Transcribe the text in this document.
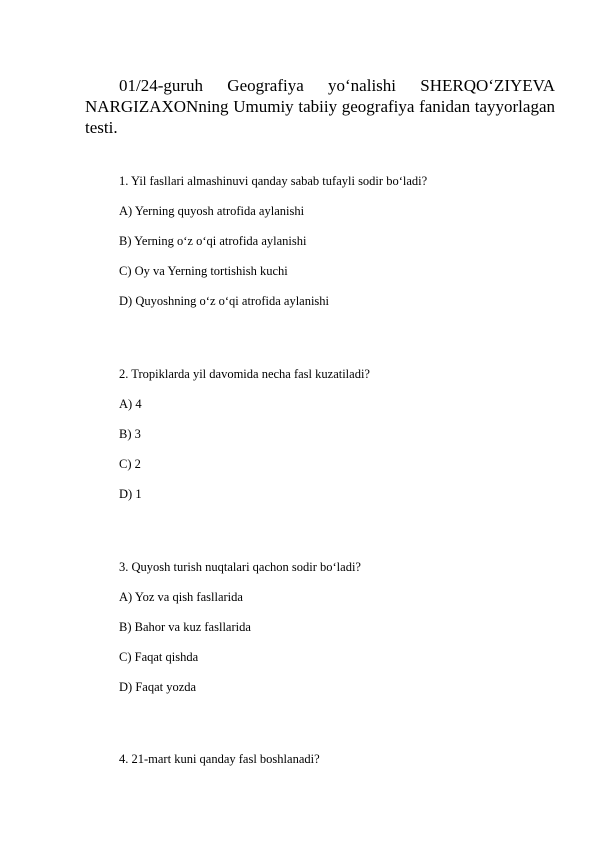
01/24-guruh Geografiya yo‘nalishi SHERQO‘ZIYEVA NARGIZAXONning Umumiy tabiiy geografiya fanidan tayyorlagan testi.

1. Yil fasllari almashinuvi qanday sabab tufayli sodir bo‘ladi?
A) Yerning quyosh atrofida aylanishi
B) Yerning o‘z o‘qi atrofida aylanishi
C) Oy va Yerning tortishish kuchi
D) Quyoshning o‘z o‘qi atrofida aylanishi
2. Tropiklarda yil davomida necha fasl kuzatiladi?
A) 4
B) 3
C) 2
D) 1
3. Quyosh turish nuqtalari qachon sodir bo‘ladi?
A) Yoz va qish fasllarida
B) Bahor va kuz fasllarida
C) Faqat qishda
D) Faqat yozda
4. 21-mart kuni qanday fasl boshlanadi?
